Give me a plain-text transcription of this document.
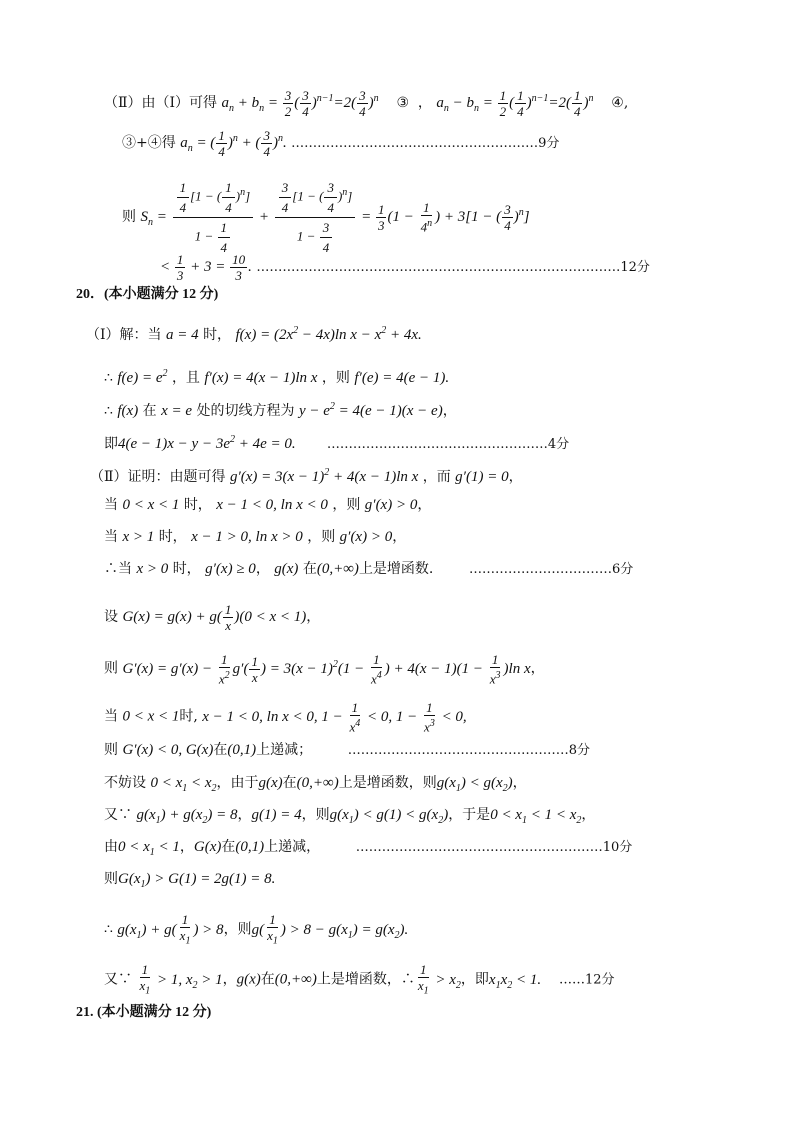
（Ⅱ）由（Ⅰ）可得 $a_n + b_n = \frac{3}{2}$ ( $\frac{3}{4} )^{n-1}=2( \frac{3}{4} )^n$ ③  ， $a_n - b_n = \frac{1}{2}$ ( $\frac{1}{4} )^{n-1}=2( \frac{1}{4} )^n$ ④,
③+④得 $a_n$ = ( $\frac{1}{4} )^n$ + ( $\frac{3}{4} )^n$. …………………………………………………9分
则 $S_n = \frac{\frac{1}{4} [1 - ( \frac{1}{4} )^n]}{1 - \frac{1}{4}} + \frac{\frac{3}{4} [1 - ( \frac{3}{4} )^n]}{1 - \frac{3}{4}} = \frac{1}{3} (1 - \frac{1}{4^n}$ ) + 3[1 − ( $\frac{3}{4} )^n$]
< $\frac{1}{3} + 3 = \frac{10}{3}$ . …………………………………………………………………………12分
20．(本小题满分 12 分)
（Ⅰ）解：当 a = 4 时， $f(x) = (2x^2 - 4x)\ln$ $x - x^2 + 4x$.
∴ $f(e) = e^2$ ，且 f′(x) = 4(x − 1)ln x ，则 f′(e) = 4(e − 1).
∴ f(x) 在 x = e 处的切线方程为 $y - e^2 = 4(e - 1)(x - e)$，
即$4(e - 1)x - y - 3e^2 + 4e = 0$. ……………………………………………4分
（Ⅱ）证明：由题可得 $g'(x) = 3(x - 1)^2 + 4(x - 1)\ln$ x ，而 g′(1) = 0，
当 0 < x < 1 时， x − 1 < 0, ln x < 0 ，则 g′(x) > 0，
当 x > 1 时， x − 1 > 0, ln x > 0 ，则 g′(x) > 0，
∴当 x > 0 时， g′(x) ≥ 0， g(x) 在(0,+∞)上是增函数.	……………………………6分
设 $G(x) = g(x) + g( \frac{1}{x} )(0 < x < 1)$，
则 $G'(x) = g'(x) - \frac{1}{x^2} g'( \frac{1}{x}$ ) = $3(x - 1)^2(1 - \frac{1}{x^4}$ ) + $4(x - 1)(1 - \frac{1}{x^3} )\ln$ x，
当 0 < x < 1时, x − 1 < 0, ln x < 0, $1 - \frac{1}{x^4} < 0$, $1 - \frac{1}{x^3} < 0$,
则 G′(x) < 0, G(x)在(0,1)上递减；	……………………………………………8分
不妨设 $0 < x_1 < x_2$，由于g(x)在(0,+∞)上是增函数，则$g(x_1) < g(x_2)$，
又∵ $g(x_1) + g(x_2) = 8$，g(1) = 4，则$g(x_1) < g(1) < g(x_2)$，于是$0 < x_1 < 1 < x_2$，
由$0 < x_1 < 1$，G(x)在(0,1)上递减，	…………………………………………………10分
则$G(x_1) > G(1) = 2g(1) = 8$.
∴ $g(x_1) + g( \frac{1}{x_1}$ ) > 8，则$g( \frac{1}{x_1}$ ) > $8 - g(x_1) = g(x_2)$.
又∵ $\frac{1}{x_1} > 1$, $x_2 > 1$，g(x)在(0,+∞)上是增函数，∴ $\frac{1}{x_1} > x_2$，即$x_1x_2 < 1$. ……12分
21. (本小题满分 12 分)
